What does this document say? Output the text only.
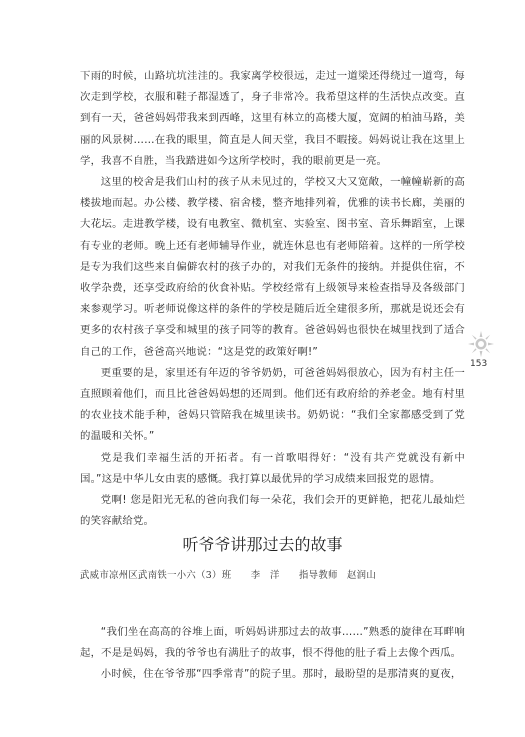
下雨的时候，山路坑坑洼洼的。我家离学校很远，走过一道梁还得绕过一道弯，每次走到学校，衣服和鞋子都湿透了，身子非常冷。我希望这样的生活快点改变。直到有一天，爸爸妈妈带我来到西峰，这里有林立的高楼大厦，宽阔的柏油马路，美丽的风景树……在我的眼里，简直是人间天堂，我目不暇接。妈妈说让我在这里上学，我喜不自胜，当我踏进如今这所学校时，我的眼前更是一亮。

这里的校舍是我们山村的孩子从未见过的，学校又大又宽敞，一幢幢崭新的高楼拔地而起。办公楼、教学楼、宿舍楼，整齐地排列着，优雅的读书长廊，美丽的大花坛。走进教学楼，设有电教室、微机室、实验室、图书室、音乐舞蹈室，上课有专业的老师。晚上还有老师辅导作业，就连休息也有老师陪着。这样的一所学校是专为我们这些来自偏僻农村的孩子办的，对我们无条件的接纳。并提供住宿，不收学杂费，还享受政府给的伙食补贴。学校经常有上级领导来检查指导及各级部门来参观学习。听老师说像这样的条件的学校是随后近全建很多所，那就是说还会有更多的农村孩子享受和城里的孩子同等的教育。爸爸妈妈也很快在城里找到了适合自己的工作，爸爸高兴地说：“这是党的政策好啊!”

更重要的是，家里还有年迈的爷爷奶奶，可爸爸妈妈很放心，因为有村主任一直照顾着他们，而且比爸爸妈妈想的还周到。他们还有政府给的养老金。地有村里的农业技术能手种，爸妈只管陪我在城里读书。奶奶说：“我们全家都感受到了党的温暖和关怀。”

党是我们幸福生活的开拓者。有一首歌唱得好：“没有共产党就没有新中国。”这是中华儿女由衷的感慨。我打算以最优异的学习成绩来回报党的恩情。

党啊! 您是阳光无私的爸向我们每一朵花，我们会开的更鲜艳，把花儿最灿烂的笑容献给党。

153
听爷爷讲那过去的故事
武威市凉州区武南铁一小六（3）班 李　洋 指导教师 赵润山

“我们坐在高高的谷堆上面，听妈妈讲那过去的故事……”熟悉的旋律在耳畔响起，不是是妈妈，我的爷爷也有满肚子的故事，恨不得他的肚子看上去像个西瓜。

小时候，住在爷爷那“四季常青”的院子里。那时，最盼望的是那清爽的夏夜，
